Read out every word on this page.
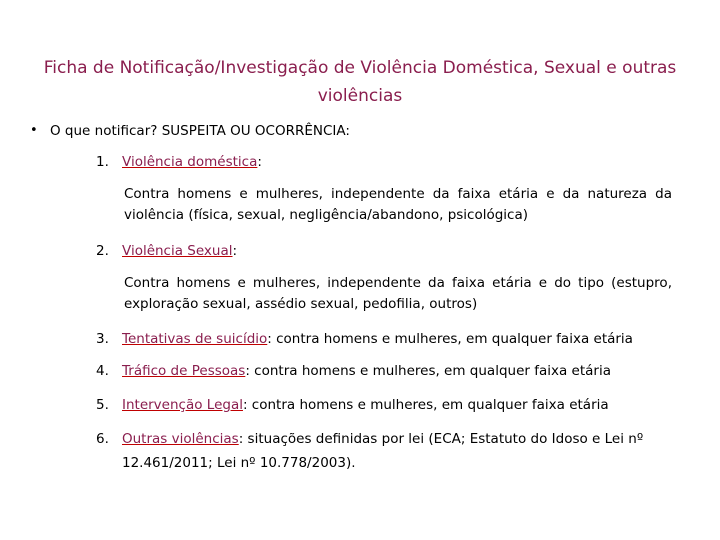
Ficha de Notificação/Investigação de Violência Doméstica, Sexual e outras violências
• O que notificar? SUSPEITA OU OCORRÊNCIA:
1. Violência doméstica:
Contra homens e mulheres, independente da faixa etária e da natureza da violência (física, sexual, negligência/abandono, psicológica)
2. Violência Sexual:
Contra homens e mulheres, independente da faixa etária e do tipo (estupro, exploração sexual, assédio sexual, pedofilia, outros)
3. Tentativas de suicídio: contra homens e mulheres, em qualquer faixa etária
4. Tráfico de Pessoas: contra homens e mulheres, em qualquer faixa etária
5. Intervenção Legal: contra homens e mulheres, em qualquer faixa etária
6. Outras violências: situações definidas por lei (ECA; Estatuto do Idoso e Lei nº
12.461/2011; Lei nº 10.778/2003).
